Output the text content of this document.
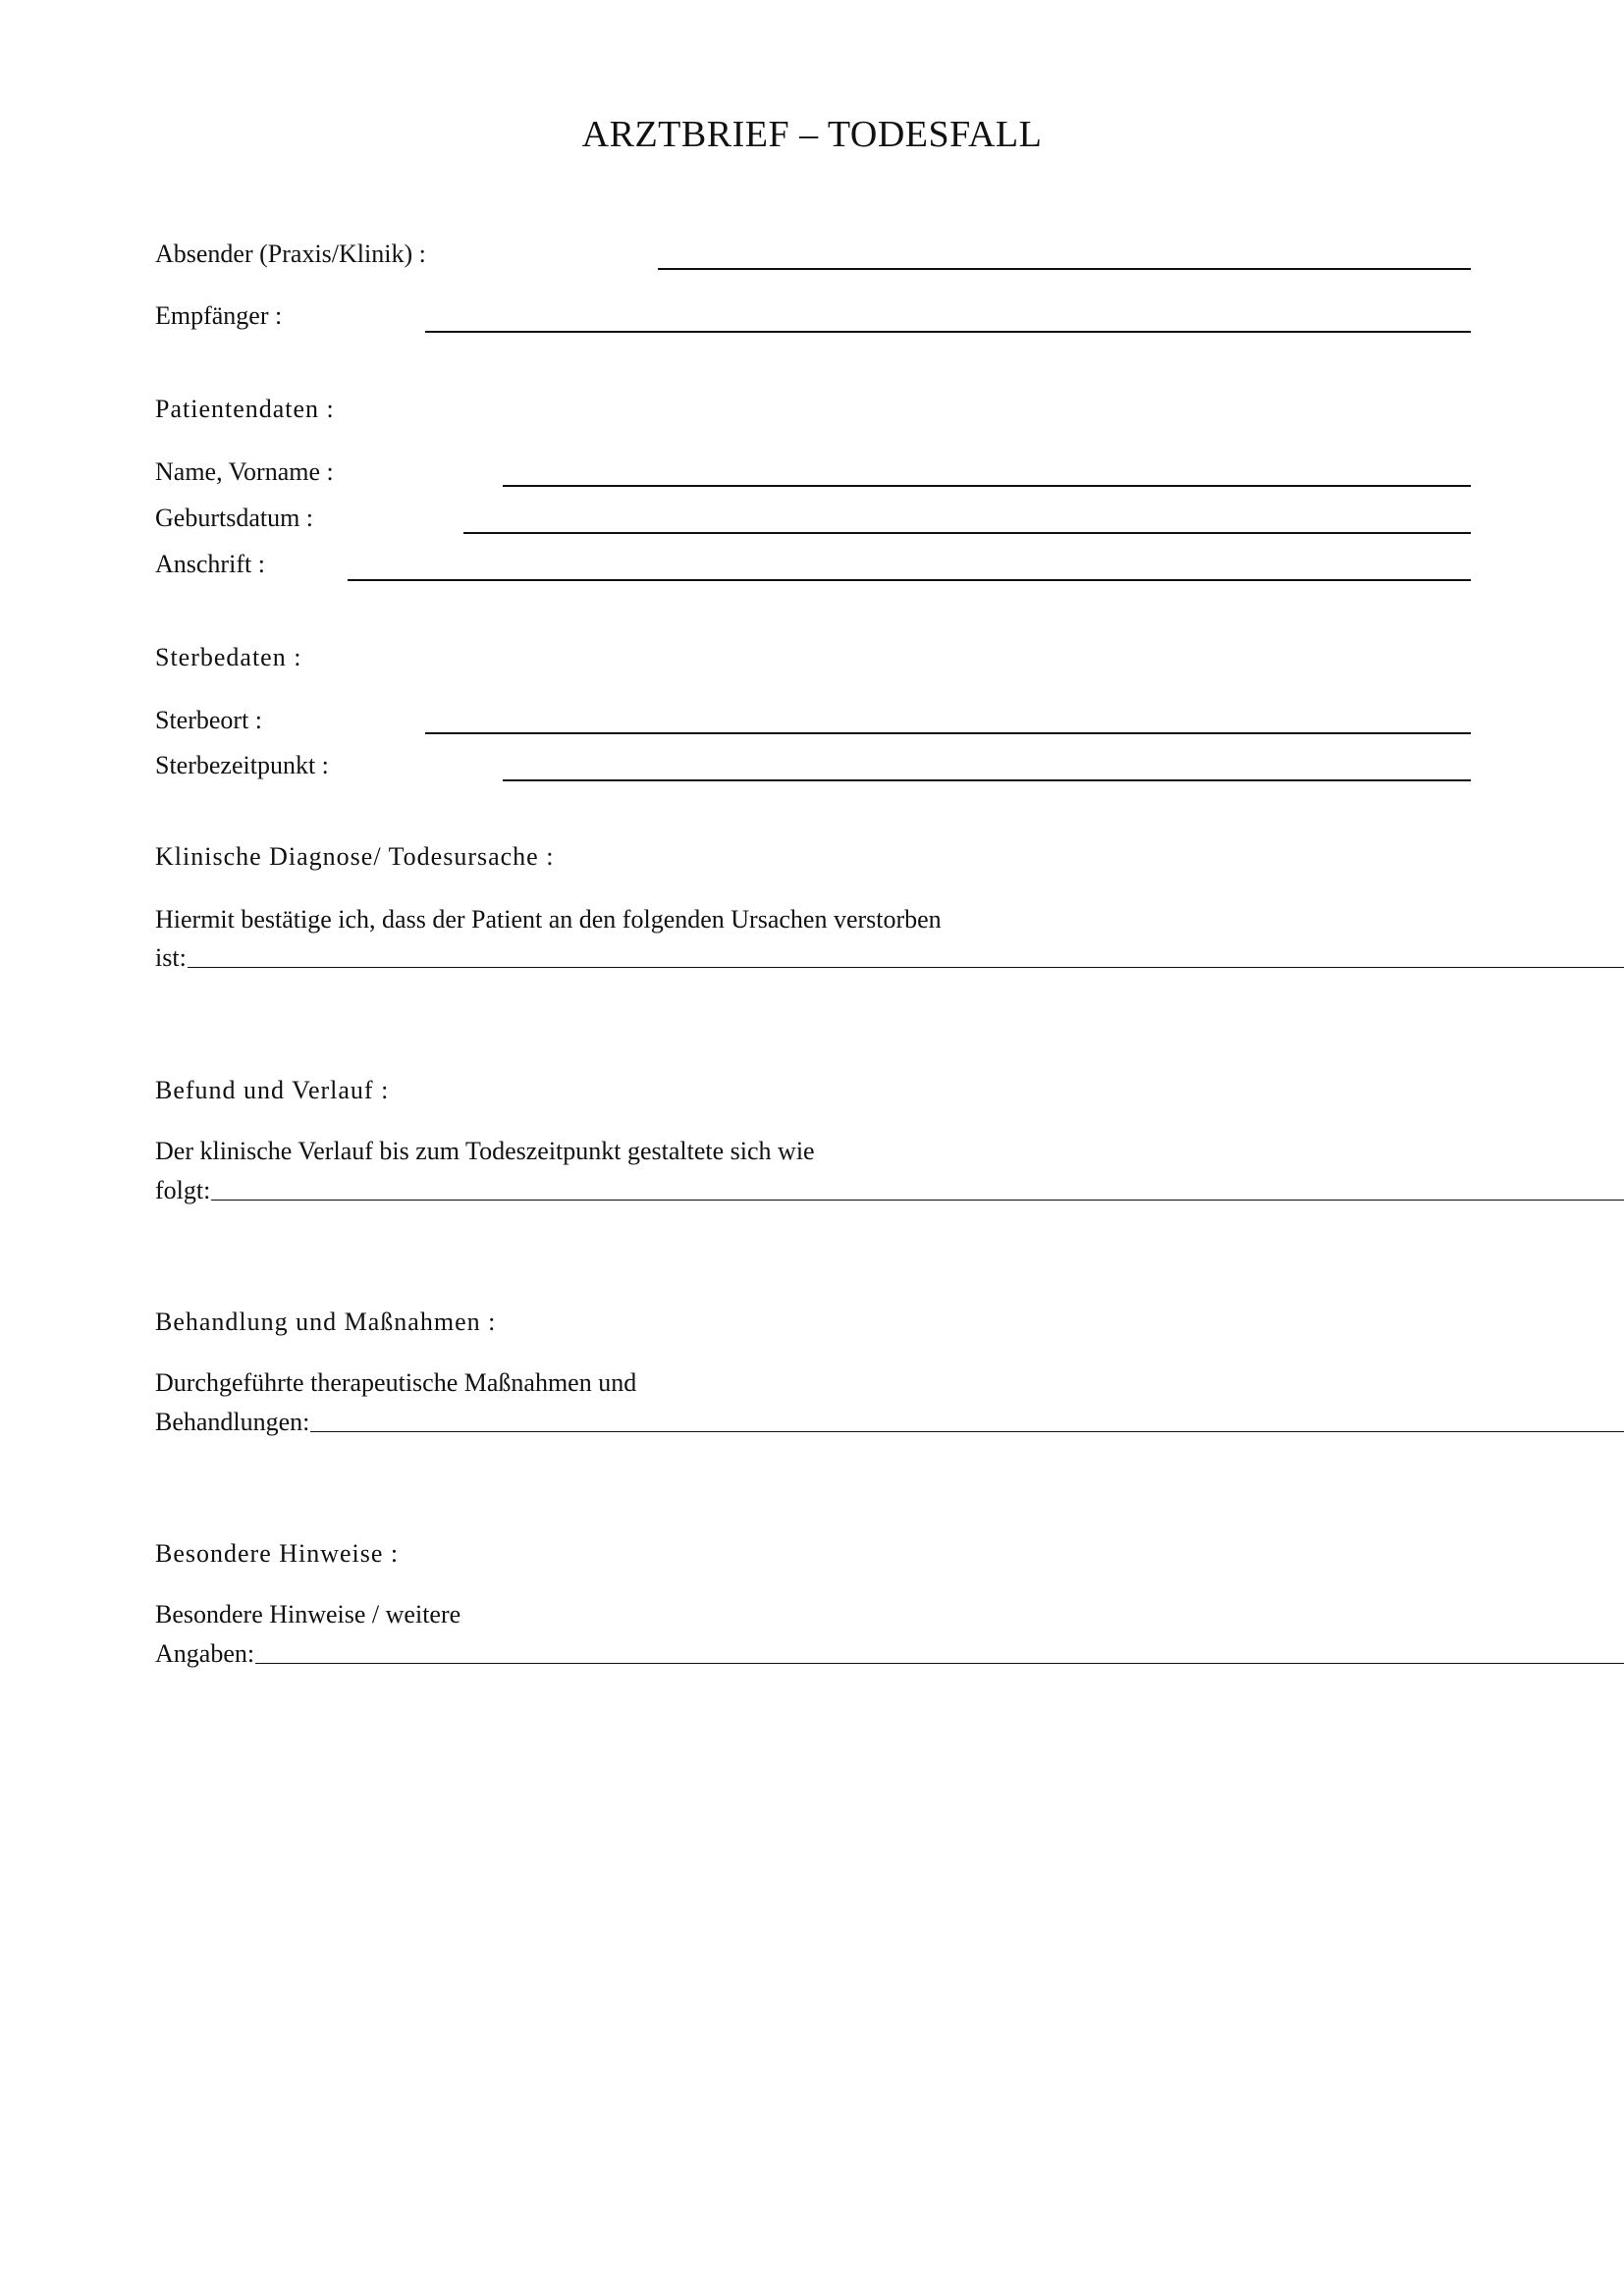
ARZTBRIEF – TODESFALL
Absender (Praxis/Klinik) :
Empfänger :
Patientendaten :
Name, Vorname :
Geburtsdatum :
Anschrift :
Sterbedaten :
Sterbeort :
Sterbezeitpunkt :
Klinische Diagnose/ Todesursache :
Hiermit bestätige ich, dass der Patient an den folgenden Ursachen verstorben
ist:
Befund und Verlauf :
Der klinische Verlauf bis zum Todeszeitpunkt gestaltete sich wie
folgt:
Behandlung und Maßnahmen :
Durchgeführte therapeutische Maßnahmen und
Behandlungen:
Besondere Hinweise :
Besondere Hinweise / weitere
Angaben:
